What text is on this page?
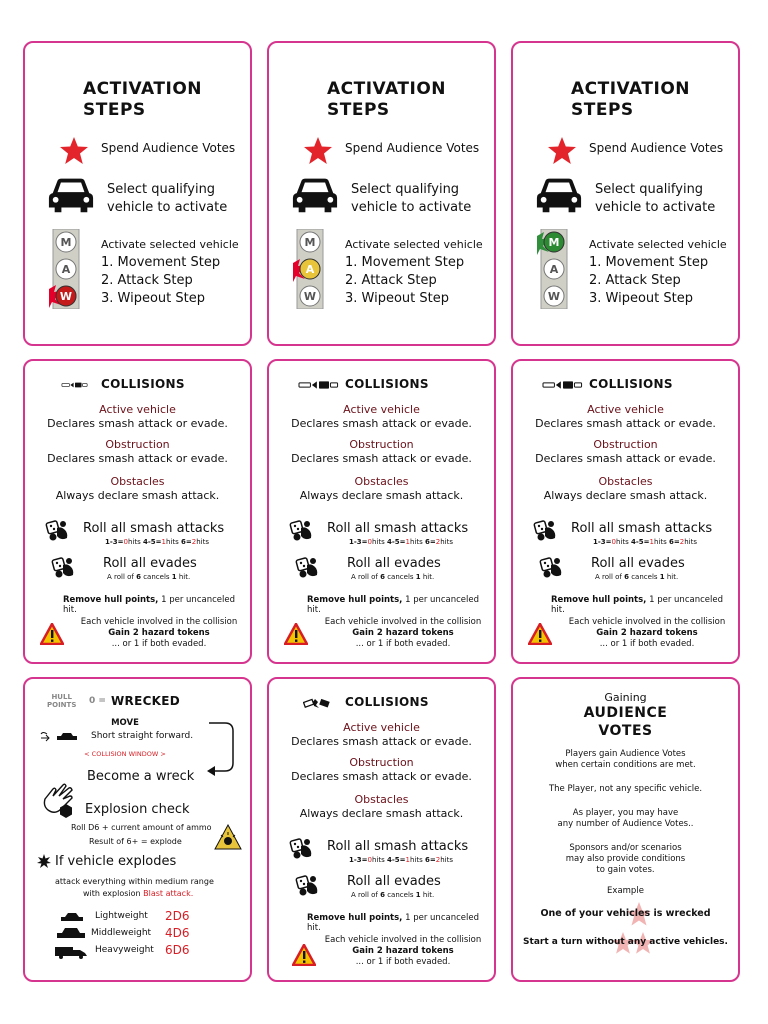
ACTIVATION
STEPS
Spend Audience Votes
Select qualifying vehicle to activate
M
A
W
Activate selected vehicle
1. Movement Step
2. Attack Step
3. Wipeout Step
ACTIVATION
STEPS
Spend Audience Votes
Select qualifying vehicle to activate
M
A
W
Activate selected vehicle
1. Movement Step
2. Attack Step
3. Wipeout Step
ACTIVATION
STEPS
Spend Audience Votes
Select qualifying vehicle to activate
M
A
W
Activate selected vehicle
1. Movement Step
2. Attack Step
3. Wipeout Step
COLLISIONS
Active vehicle
Declares smash attack or evade.
Obstruction
Declares smash attack or evade.
Obstacles
Always declare smash attack.
Roll all smash attacks
1-3=0hits 4-5=1hits 6=2hits
Roll all evades
A roll of 6 cancels 1 hit.
Remove hull points, 1 per uncanceled hit.
Each vehicle involved in the collision
Gain 2 hazard tokens
... or 1 if both evaded.
COLLISIONS
Active vehicle
Declares smash attack or evade.
Obstruction
Declares smash attack or evade.
Obstacles
Always declare smash attack.
Roll all smash attacks
1-3=0hits 4-5=1hits 6=2hits
Roll all evades
A roll of 6 cancels 1 hit.
Remove hull points, 1 per uncanceled hit.
Each vehicle involved in the collision
Gain 2 hazard tokens
... or 1 if both evaded.
COLLISIONS
Active vehicle
Declares smash attack or evade.
Obstruction
Declares smash attack or evade.
Obstacles
Always declare smash attack.
Roll all smash attacks
1-3=0hits 4-5=1hits 6=2hits
Roll all evades
A roll of 6 cancels 1 hit.
Remove hull points, 1 per uncanceled hit.
Each vehicle involved in the collision
Gain 2 hazard tokens
... or 1 if both evaded.
HULL
POINTS 0 = WRECKED
MOVE
Short straight forward.
< COLLISION WINDOW >
Become a wreck
Explosion check
Roll D6 + current amount of ammo
Result of 6+ = explode
If vehicle explodes
attack everything within medium range
with explosion Blast attack.
Lightweight 2D6
Middleweight 4D6
Heavyweight 6D6
COLLISIONS
Active vehicle
Declares smash attack or evade.
Obstruction
Declares smash attack or evade.
Obstacles
Always declare smash attack.
Roll all smash attacks
1-3=0hits 4-5=1hits 6=2hits
Roll all evades
A roll of 6 cancels 1 hit.
Remove hull points, 1 per uncanceled hit.
Each vehicle involved in the collision
Gain 2 hazard tokens
... or 1 if both evaded.
Gaining
AUDIENCE
VOTES
Players gain Audience Votes
when certain conditions are met.
The Player, not any specific vehicle.
As player, you may have
any number of Audience Votes..
Sponsors and/or scenarios
may also provide conditions
to gain votes.
Example
One of your vehicles is wrecked
Start a turn without any active vehicles.
